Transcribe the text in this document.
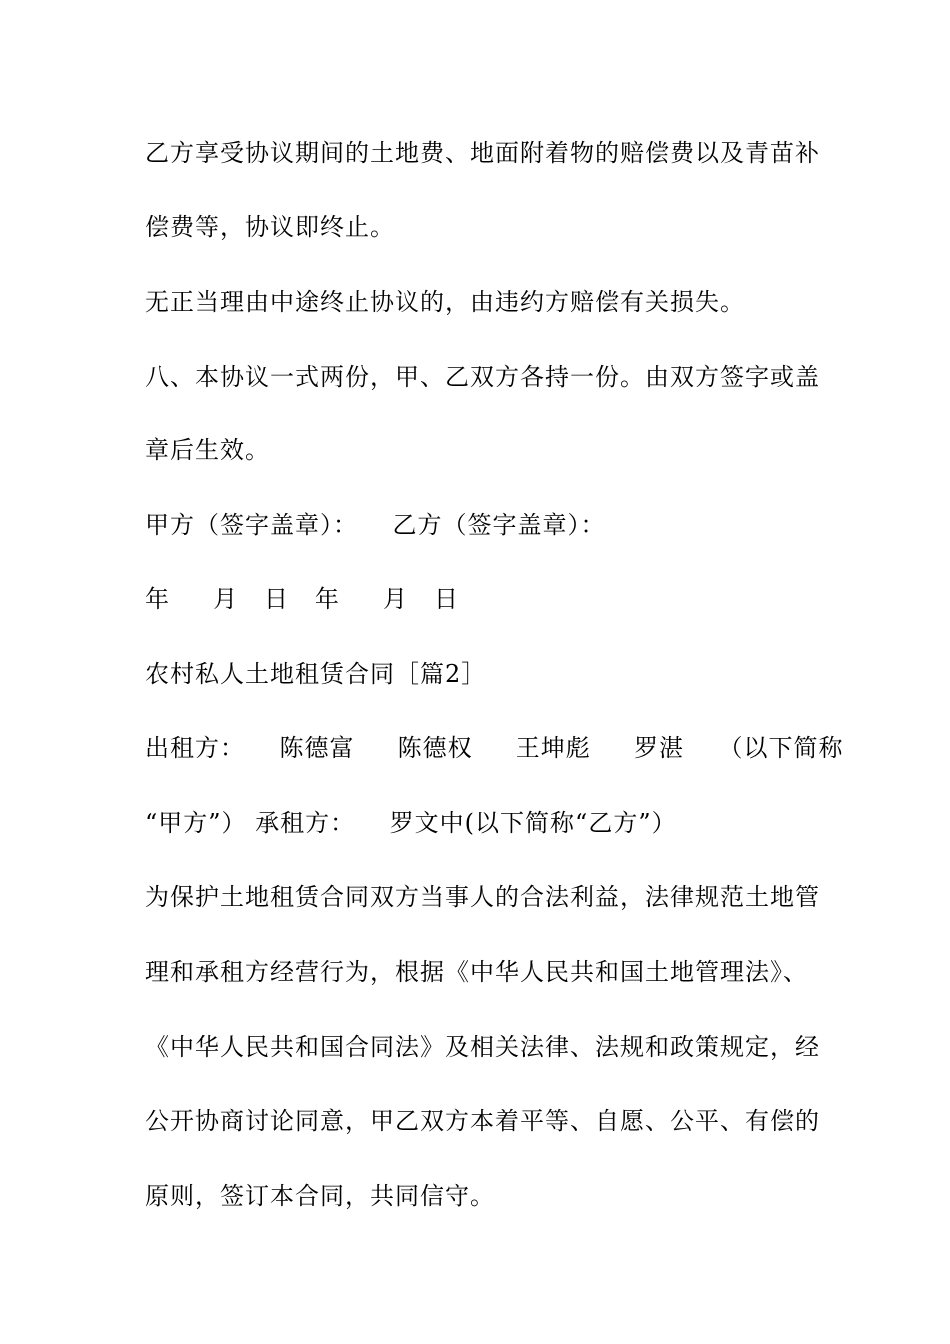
乙方享受协议期间的土地费、地面附着物的赔偿费以及青苗补
偿费等，协议即终止。
无正当理由中途终止协议的，由违约方赔偿有关损失。
八、本协议一式两份，甲、乙双方各持一份。由双方签字或盖
章后生效。
甲方（签字盖章）：    乙方（签字盖章）：
年     月   日   年     月   日
农村私人土地租赁合同［篇2］
出租方：    陈德富     陈德权     王坤彪     罗湛    （以下简称
“甲方”） 承租方：    罗文中(以下简称“乙方”）
为保护土地租赁合同双方当事人的合法利益，法律规范土地管
理和承租方经营行为，根据《中华人民共和国土地管理法》、
《中华人民共和国合同法》及相关法律、法规和政策规定，经
公开协商讨论同意，甲乙双方本着平等、自愿、公平、有偿的
原则，签订本合同，共同信守。
